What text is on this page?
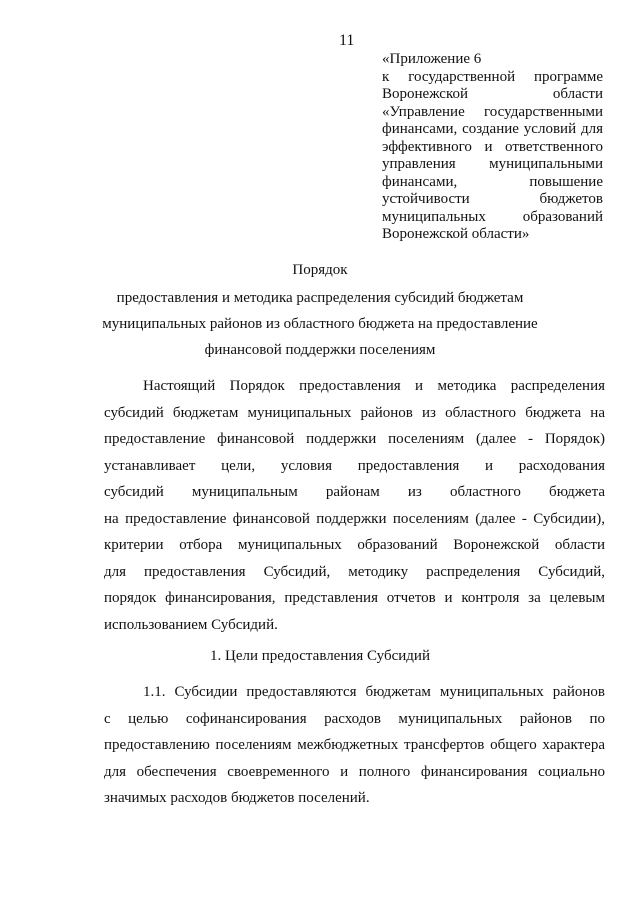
11
«Приложение 6
к государственной программе
Воронежской области
«Управление государственными
финансами, создание условий для
эффективного и ответственного
управления муниципальными
финансами, повышение
устойчивости бюджетов
муниципальных образований
Воронежской области»
Порядок
предоставления и методика распределения субсидий бюджетам
муниципальных районов из областного бюджета на предоставление
финансовой поддержки поселениям
Настоящий Порядок предоставления и методика распределения
субсидий бюджетам муниципальных районов из областного бюджета на
предоставление финансовой поддержки поселениям (далее - Порядок)
устанавливает цели, условия предоставления и расходования
субсидий муниципальным районам из областного бюджета
на предоставление финансовой поддержки поселениям (далее - Субсидии),
критерии отбора муниципальных образований Воронежской области
для предоставления Субсидий, методику распределения Субсидий,
порядок финансирования, представления отчетов и контроля за целевым
использованием Субсидий.
1. Цели предоставления Субсидий
1.1. Субсидии предоставляются бюджетам муниципальных районов
с целью софинансирования расходов муниципальных районов по
предоставлению поселениям межбюджетных трансфертов общего характера
для обеспечения своевременного и полного финансирования социально
значимых расходов бюджетов поселений.
